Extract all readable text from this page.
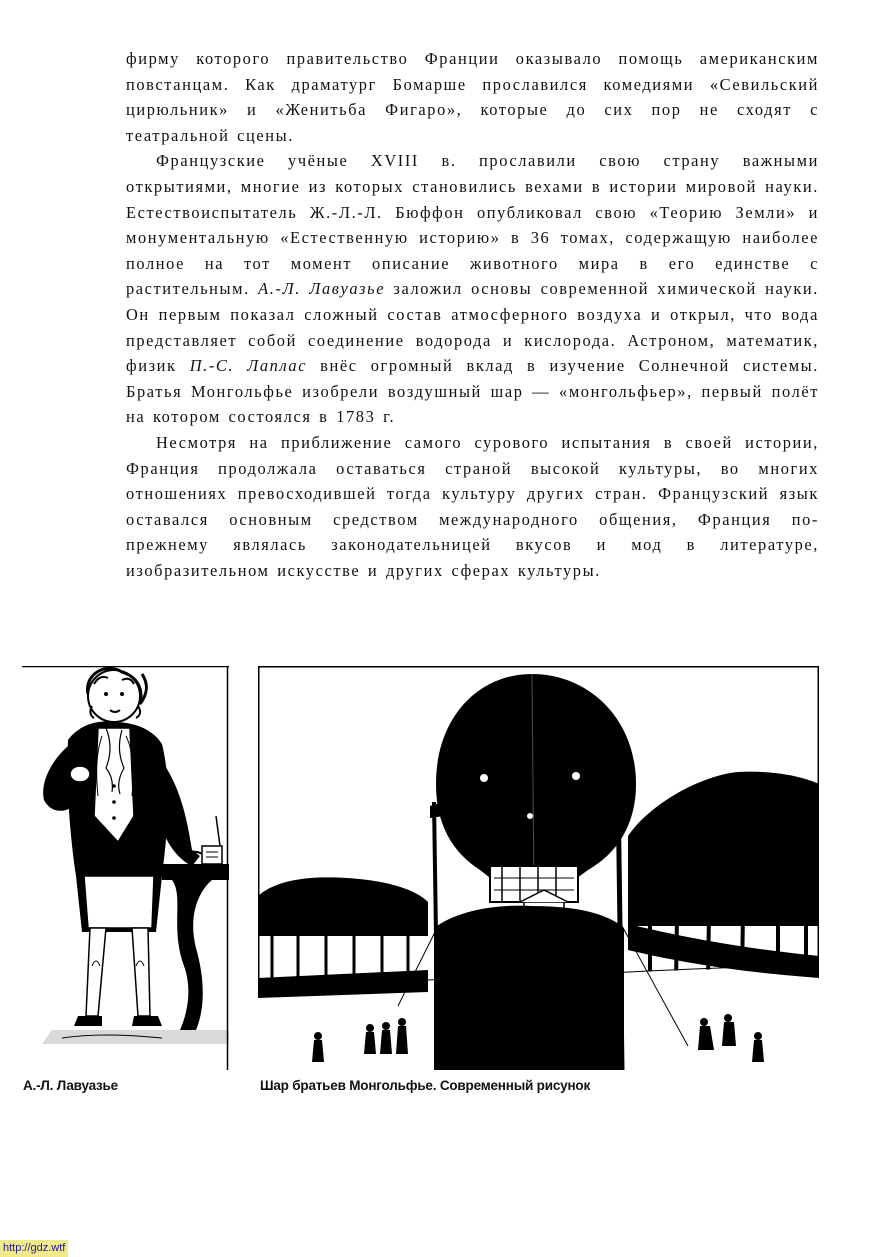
фирму которого правительство Франции оказывало помощь американским повстанцам. Как драматург Бомарше прославился комедиями «Севильский цирюльник» и «Женитьба Фигаро», которые до сих пор не сходят с театральной сцены.

Французские учёные XVIII в. прославили свою страну важными открытиями, многие из которых становились вехами в истории мировой науки. Естествоиспытатель Ж.-Л.-Л. Бюффон опубликовал свою «Теорию Земли» и монументальную «Естественную историю» в 36 томах, содержащую наиболее полное на тот момент описание животного мира в его единстве с растительным. А.-Л. Лавуазье заложил основы современной химической науки. Он первым показал сложный состав атмосферного воздуха и открыл, что вода представляет собой соединение водорода и кислорода. Астроном, математик, физик П.-С. Лаплас внёс огромный вклад в изучение Солнечной системы. Братья Монгольфье изобрели воздушный шар — «монгольфьер», первый полёт на котором состоялся в 1783 г.

Несмотря на приближение самого сурового испытания в своей истории, Франция продолжала оставаться страной высокой культуры, во многих отношениях превосходившей тогда культуру других стран. Французский язык оставался основным средством международного общения, Франция по-прежнему являлась законодательницей вкусов и мод в литературе, изобразительном искусстве и других сферах культуры.

А.-Л. Лавуазье	Шар братьев Монгольфье. Современный рисунок
http://gdz.wtf
